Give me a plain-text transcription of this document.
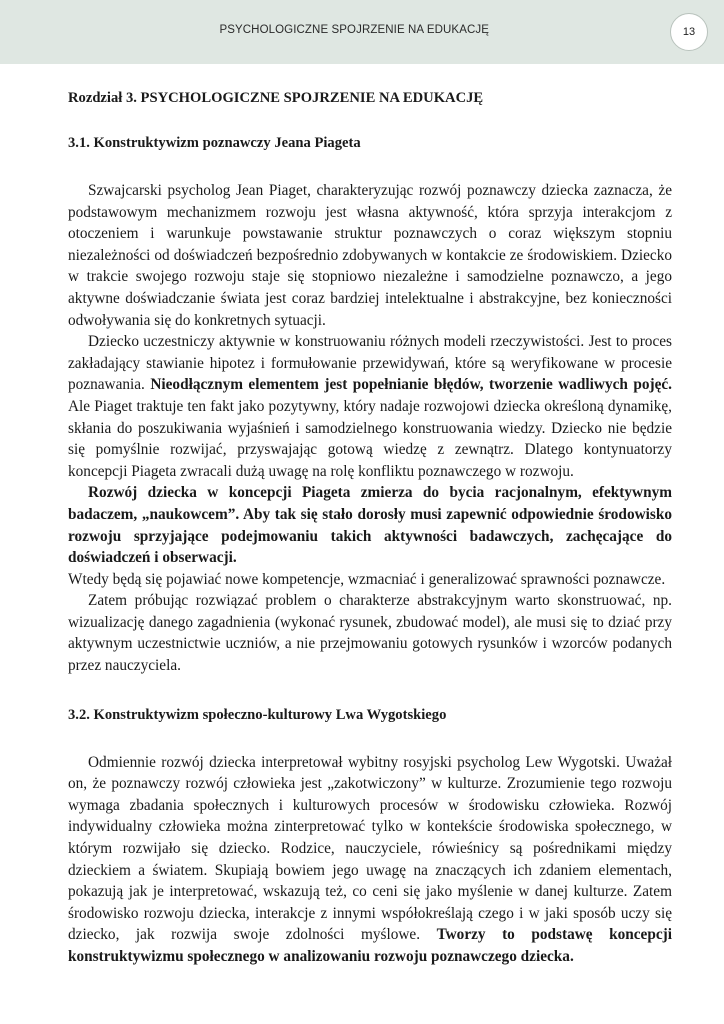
PSYCHOLOGICZNE SPOJRZENIE NA EDUKACJĘ	13
Rozdział 3. PSYCHOLOGICZNE SPOJRZENIE NA EDUKACJĘ
3.1. Konstruktywizm poznawczy Jeana Piageta

Szwajcarski psycholog Jean Piaget, charakteryzując rozwój poznawczy dziecka zaznacza, że podstawowym mechanizmem rozwoju jest własna aktywność, która sprzyja interakcjom z otoczeniem i warunkuje powstawanie struktur poznawczych o coraz większym stopniu niezależności od doświadczeń bezpośrednio zdobywanych w kontakcie ze środowiskiem. Dziecko w trakcie swojego rozwoju staje się stopniowo niezależne i samodzielne poznawczo, a jego aktywne doświadczanie świata jest coraz bardziej intelektualne i abstrakcyjne, bez konieczności odwoływania się do konkretnych sytuacji.

Dziecko uczestniczy aktywnie w konstruowaniu różnych modeli rzeczywistości. Jest to proces zakładający stawianie hipotez i formułowanie przewidywań, które są weryfikowane w procesie poznawania. Nieodłącznym elementem jest popełnianie błędów, tworzenie wadliwych pojęć. Ale Piaget traktuje ten fakt jako pozytywny, który nadaje rozwojowi dziecka określoną dynamikę, skłania do poszukiwania wyjaśnień i samodzielnego konstruowania wiedzy. Dziecko nie będzie się pomyślnie rozwijać, przyswajając gotową wiedzę z zewnątrz. Dlatego kontynuatorzy koncepcji Piageta zwracali dużą uwagę na rolę konfliktu poznawczego w rozwoju.

Rozwój dziecka w koncepcji Piageta zmierza do bycia racjonalnym, efektywnym badaczem, „naukowcem”. Aby tak się stało dorosły musi zapewnić odpowiednie środowisko rozwoju sprzyjające podejmowaniu takich aktywności badawczych, zachęcające do doświadczeń i obserwacji.

Wtedy będą się pojawiać nowe kompetencje, wzmacniać i generalizować sprawności poznawcze.

Zatem próbując rozwiązać problem o charakterze abstrakcyjnym warto skonstruować, np. wizualizację danego zagadnienia (wykonać rysunek, zbudować model), ale musi się to dziać przy aktywnym uczestnictwie uczniów, a nie przejmowaniu gotowych rysunków i wzorców podanych przez nauczyciela.

3.2. Konstruktywizm społeczno-kulturowy Lwa Wygotskiego

Odmiennie rozwój dziecka interpretował wybitny rosyjski psycholog Lew Wygotski. Uważał on, że poznawczy rozwój człowieka jest „zakotwiczony” w kulturze. Zrozumienie tego rozwoju wymaga zbadania społecznych i kulturowych procesów w środowisku człowieka. Rozwój indywidualny człowieka można zinterpretować tylko w kontekście środowiska społecznego, w którym rozwijało się dziecko. Rodzice, nauczyciele, rówieśnicy są pośrednikami między dzieckiem a światem. Skupiają bowiem jego uwagę na znaczących ich zdaniem elementach, pokazują jak je interpretować, wskazują też, co ceni się jako myślenie w danej kulturze. Zatem środowisko rozwoju dziecka, interakcje z innymi współokreślają czego i w jaki sposób uczy się dziecko, jak rozwija swoje zdolności myślowe. Tworzy to podstawę koncepcji konstruktywizmu społecznego w analizowaniu rozwoju poznawczego dziecka.
